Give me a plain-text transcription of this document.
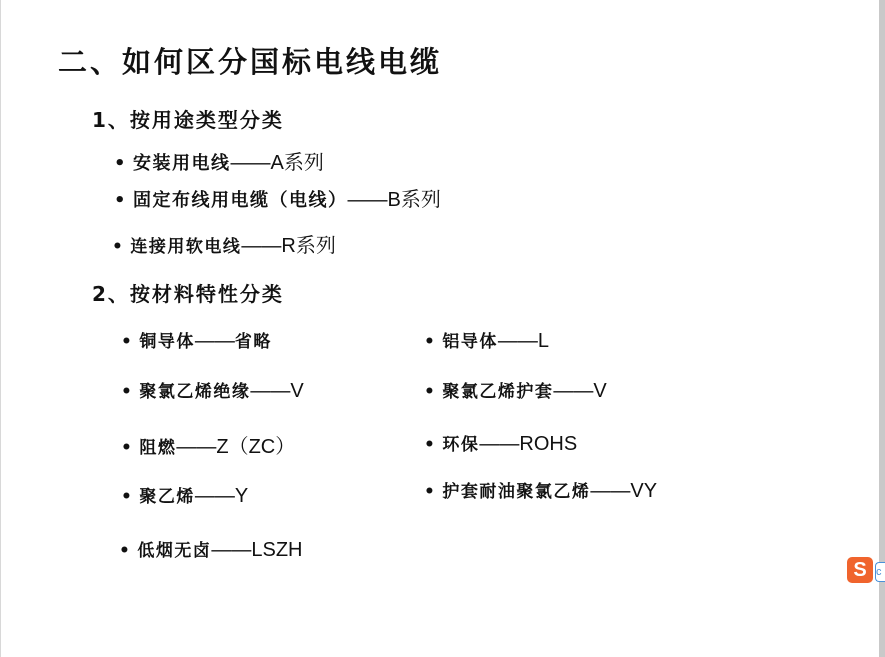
二、如何区分国标电线电缆
1、按用途类型分类
• 安装用电线——A系列
• 固定布线用电缆（电线）——B系列
• 连接用软电线——R系列
2、按材料特性分类
• 铜导体——省略
• 聚氯乙烯绝缘——V
• 阻燃——Z（ZC）
• 聚乙烯——Y
• 低烟无卤——LSZH
• 铝导体——L
• 聚氯乙烯护套——V
• 环保——ROHS
• 护套耐油聚氯乙烯——VY
S c
